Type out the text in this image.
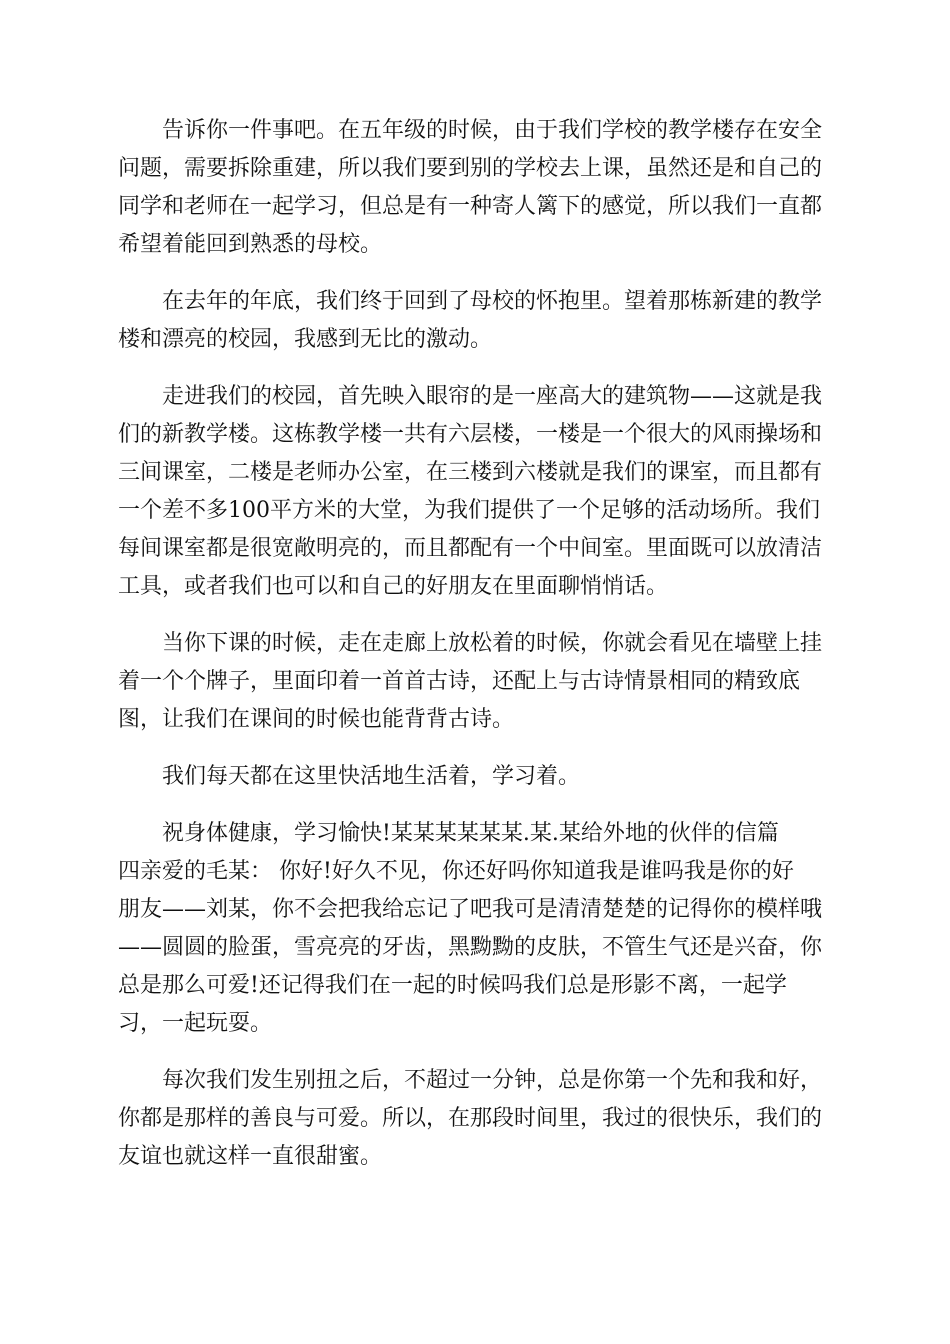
告诉你一件事吧。在五年级的时候，由于我们学校的教学楼存在安全
问题，需要拆除重建，所以我们要到别的学校去上课，虽然还是和自己的
同学和老师在一起学习，但总是有一种寄人篱下的感觉，所以我们一直都
希望着能回到熟悉的母校。

在去年的年底，我们终于回到了母校的怀抱里。望着那栋新建的教学
楼和漂亮的校园，我感到无比的激动。

走进我们的校园，首先映入眼帘的是一座高大的建筑物——这就是我
们的新教学楼。这栋教学楼一共有六层楼，一楼是一个很大的风雨操场和
三间课室，二楼是老师办公室，在三楼到六楼就是我们的课室，而且都有
一个差不多100平方米的大堂，为我们提供了一个足够的活动场所。我们
每间课室都是很宽敞明亮的，而且都配有一个中间室。里面既可以放清洁
工具，或者我们也可以和自己的好朋友在里面聊悄悄话。

当你下课的时候，走在走廊上放松着的时候，你就会看见在墙壁上挂
着一个个牌子，里面印着一首首古诗，还配上与古诗情景相同的精致底
图，让我们在课间的时候也能背背古诗。

我们每天都在这里快活地生活着，学习着。

祝身体健康，学习愉快!某某某某某某.某.某给外地的伙伴的信篇
四亲爱的毛某： 你好!好久不见，你还好吗你知道我是谁吗我是你的好
朋友——刘某，你不会把我给忘记了吧我可是清清楚楚的记得你的模样哦
——圆圆的脸蛋，雪亮亮的牙齿，黑黝黝的皮肤，不管生气还是兴奋，你
总是那么可爱!还记得我们在一起的时候吗我们总是形影不离，一起学
习，一起玩耍。

每次我们发生别扭之后，不超过一分钟，总是你第一个先和我和好，
你都是那样的善良与可爱。所以，在那段时间里，我过的很快乐，我们的
友谊也就这样一直很甜蜜。
